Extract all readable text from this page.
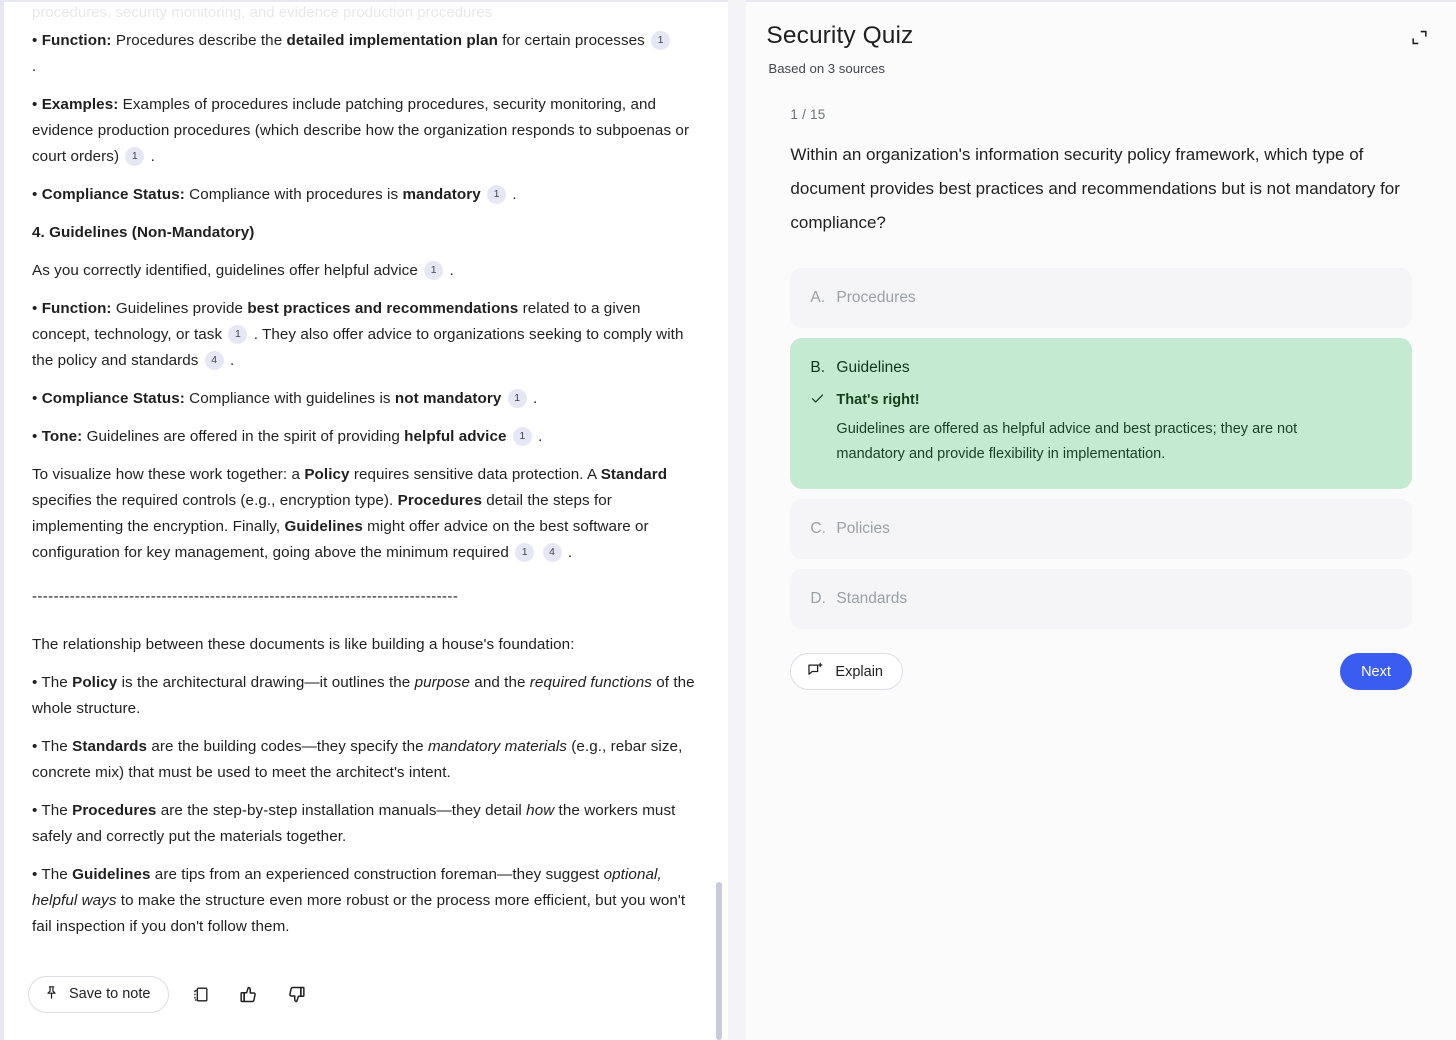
procedures, security monitoring, and evidence production procedures

• Function: Procedures describe the detailed implementation plan for certain processes 1
.

• Examples: Examples of procedures include patching procedures, security monitoring, and evidence production procedures (which describe how the organization responds to subpoenas or court orders) 1 .

• Compliance Status: Compliance with procedures is mandatory 1 .

4. Guidelines (Non-Mandatory)

As you correctly identified, guidelines offer helpful advice 1 .

• Function: Guidelines provide best practices and recommendations related to a given concept, technology, or task 1 . They also offer advice to organizations seeking to comply with the policy and standards 4 .

• Compliance Status: Compliance with guidelines is not mandatory 1 .

• Tone: Guidelines are offered in the spirit of providing helpful advice 1 .

To visualize how these work together: a Policy requires sensitive data protection. A Standard specifies the required controls (e.g., encryption type). Procedures detail the steps for implementing the encryption. Finally, Guidelines might offer advice on the best software or configuration for key management, going above the minimum required 1 4 .

-------------------------------------------------------------------------------

The relationship between these documents is like building a house's foundation:

• The Policy is the architectural drawing—it outlines the purpose and the required functions of the whole structure.

• The Standards are the building codes—they specify the mandatory materials (e.g., rebar size, concrete mix) that must be used to meet the architect's intent.

• The Procedures are the step-by-step installation manuals—they detail how the workers must safely and correctly put the materials together.

• The Guidelines are tips from an experienced construction foreman—they suggest optional, helpful ways to make the structure even more robust or the process more efficient, but you won't fail inspection if you don't follow them.

Save to note
Security Quiz
Based on 3 sources
1 / 15
Within an organization's information security policy framework, which type of document provides best practices and recommendations but is not mandatory for compliance?
A. Procedures
B. Guidelines
That's right!
Guidelines are offered as helpful advice and best practices; they are not mandatory and provide flexibility in implementation.
C. Policies
D. Standards
Explain	Next
